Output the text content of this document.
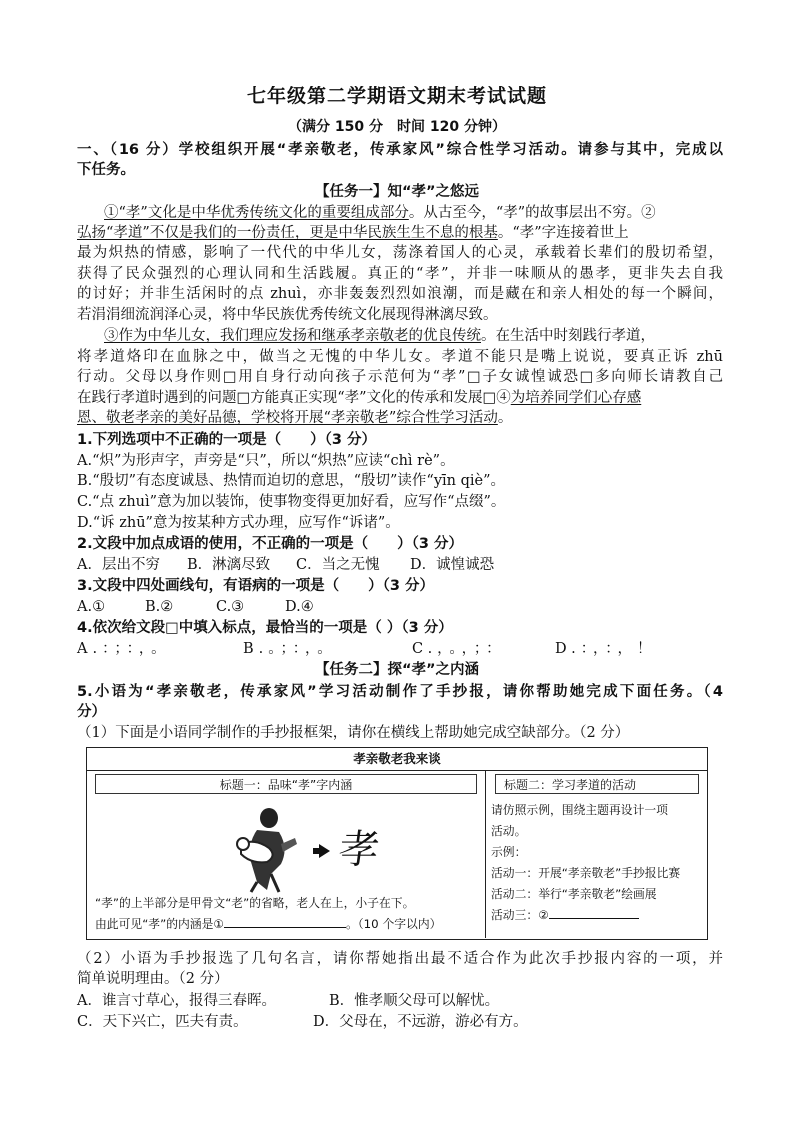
七年级第二学期语文期末考试试题
（满分 150 分　时间 120 分钟）
一、（16 分）学校组织开展“孝亲敬老，传承家风”综合性学习活动。请参与其中，完成以
下任务。
【任务一】知“孝”之悠远
①“孝”文化是中华优秀传统文化的重要组成部分。从古至今，“孝”的故事层出不穷。②
弘扬“孝道”不仅是我们的一份责任，更是中华民族生生不息的根基。“孝”字连接着世上
最为炽热的情感，影响了一代代的中华儿女，荡涤着国人的心灵，承载着长辈们的殷切希望，
获得了民众强烈的心理认同和生活践履。真正的“孝”，并非一味顺从的愚孝，更非失去自我
的讨好；并非生活闲时的点 zhuì，亦非轰轰烈烈如浪潮，而是藏在和亲人相处的每一个瞬间，
若涓涓细流润泽心灵，将中华民族优秀传统文化展现得淋漓尽致。
③作为中华儿女，我们理应发扬和继承孝亲敬老的优良传统。在生活中时刻践行孝道，
将孝道烙印在血脉之中，做当之无愧的中华儿女。孝道不能只是嘴上说说，要真正诉 zhū
行动。父母以身作则□用自身行动向孩子示范何为“孝”□子女诚惶诚恐□多向师长请教自己
在践行孝道时遇到的问题□方能真正实现“孝”文化的传承和发展□④为培养同学们心存感
恩、敬老孝亲的美好品德，学校将开展“孝亲敬老”综合性学习活动。
1.下列选项中不正确的一项是（　　）（3 分）
A.“炽”为形声字，声旁是“只”，所以“炽热”应读“chì rè”。
B.“殷切”有态度诚恳、热情而迫切的意思，“殷切”读作“yīn qiè”。
C.“点 zhuì”意为加以装饰，使事物变得更加好看，应写作“点缀”。
D.“诉 zhū”意为按某种方式办理，应写作“诉诸”。
2.文段中加点成语的使用，不正确的一项是（　　）（3 分）
A．层出不穷 B．淋漓尽致 C．当之无愧 D．诚惶诚恐
3.文段中四处画线句，有语病的一项是（　　）（3 分）
A.①	B.②	C.③	D.④
4.依次给文段□中填入标点，最恰当的一项是（ ）（3 分）
A.：；：，。	B.。；：，。	C.，。，；：	D.：，：，！
【任务二】探“孝”之内涵
5.小语为“孝亲敬老，传承家风”学习活动制作了手抄报，请你帮助她完成下面任务。（4
分）
（1）下面是小语同学制作的手抄报框架，请你在横线上帮助她完成空缺部分。（2 分）
孝亲敬老我来谈
标题一：品味“孝”字内涵
孝
“孝”的上半部分是甲骨文“老”的省略，老人在上，小子在下。
由此可见“孝”的内涵是①	。（10 个字以内）
标题二：学习孝道的活动
请仿照示例，围绕主题再设计一项
活动。
示例：
活动一：开展“孝亲敬老”手抄报比赛
活动二：举行“孝亲敬老”绘画展
活动三：②
（2）小语为手抄报选了几句名言，请你帮她指出最不适合作为此次手抄报内容的一项，并
简单说明理由。（2 分）
A．谁言寸草心，报得三春晖。	B．惟孝顺父母可以解忧。
C．天下兴亡，匹夫有责。	D．父母在，不远游，游必有方。
